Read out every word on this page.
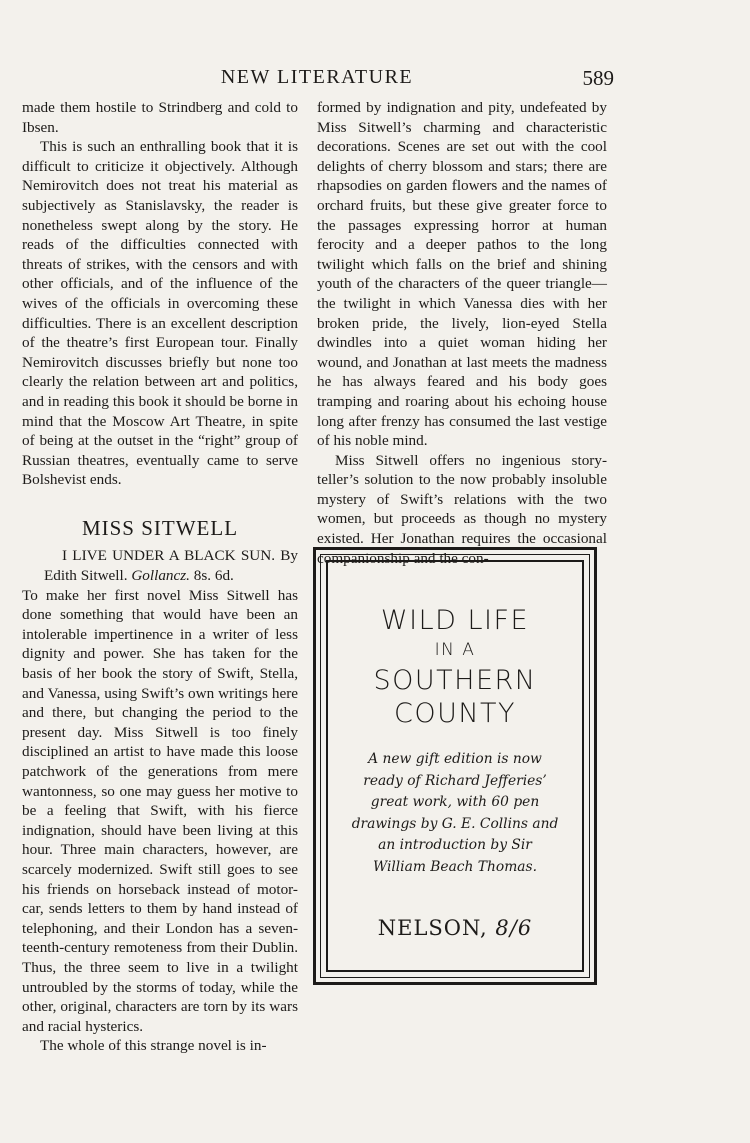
NEW LITERATURE	589

made them hostile to Strindberg and cold to Ibsen.

This is such an enthralling book that it is difficult to criticize it objectively. Although Nemirovitch does not treat his material as subjectively as Stanislavsky, the reader is nonetheless swept along by the story. He reads of the difficulties connected with threats of strikes, with the censors and with other officials, and of the influence of the wives of the officials in overcoming these difficulties. There is an excellent description of the theatre’s first European tour. Finally Nemirovitch discusses briefly but none too clearly the relation between art and politics, and in reading this book it should be borne in mind that the Moscow Art Theatre, in spite of being at the outset in the “right” group of Russian theatres, eventually came to serve Bolshevist ends.

MISS SITWELL

I LIVE UNDER A BLACK SUN. By Edith Sitwell. Gollancz. 8s. 6d.

To make her first novel Miss Sitwell has done something that would have been an intolerable impertinence in a writer of less dignity and power. She has taken for the basis of her book the story of Swift, Stella, and Vanessa, using Swift’s own writings here and there, but changing the period to the present day. Miss Sitwell is too finely disciplined an artist to have made this loose patchwork of the generations from mere wantonness, so one may guess her motive to be a feeling that Swift, with his fierce indignation, should have been living at this hour. Three main characters, however, are scarcely modernized. Swift still goes to see his friends on horseback instead of motor-car, sends letters to them by hand instead of telephoning, and their London has a seventeenth-century remoteness from their Dublin. Thus, the three seem to live in a twilight untroubled by the storms of today, while the other, original, characters are torn by its wars and racial hysterics.

The whole of this strange novel is in-

formed by indignation and pity, undefeated by Miss Sitwell’s charming and characteristic decorations. Scenes are set out with the cool delights of cherry blossom and stars; there are rhapsodies on garden flowers and the names of orchard fruits, but these give greater force to the passages expressing horror at human ferocity and a deeper pathos to the long twilight which falls on the brief and shining youth of the characters of the queer triangle—the twilight in which Vanessa dies with her broken pride, the lively, lion-eyed Stella dwindles into a quiet woman hiding her wound, and Jonathan at last meets the madness he has always feared and his body goes tramping and roaring about his echoing house long after frenzy has consumed the last vestige of his noble mind.

Miss Sitwell offers no ingenious storyteller’s solution to the now probably insoluble mystery of Swift’s relations with the two women, but proceeds as though no mystery existed. Her Jonathan requires the occasional companionship and the con-

WILD LIFE
IN A
SOUTHERN
COUNTY
A new gift edition is now ready of Richard Jefferies’ great work, with 60 pen drawings by G. E. Collins and an introduction by Sir William Beach Thomas.
NELSON, 8/6
